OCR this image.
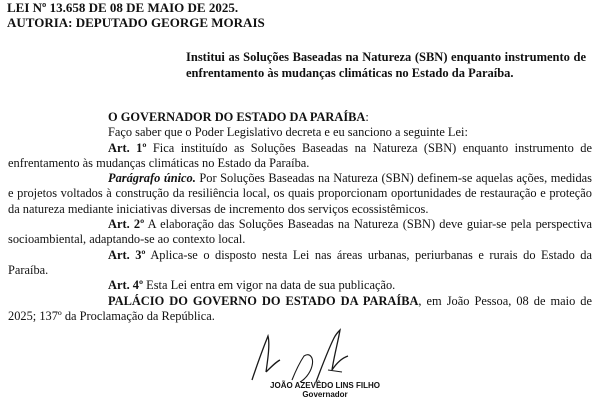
LEI Nº 13.658 DE 08 DE MAIO DE 2025.
AUTORIA: DEPUTADO GEORGE MORAIS
Institui as Soluções Baseadas na Natureza (SBN) enquanto instrumento de enfrentamento às mudanças climáticas no Estado da Paraíba.

O GOVERNADOR DO ESTADO DA PARAÍBA:

Faço saber que o Poder Legislativo decreta e eu sanciono a seguinte Lei:

Art. 1º Fica instituído as Soluções Baseadas na Natureza (SBN) enquanto instrumento de enfrentamento às mudanças climáticas no Estado da Paraíba.

Parágrafo único. Por Soluções Baseadas na Natureza (SBN) definem-se aquelas ações, medidas e projetos voltados à construção da resiliência local, os quais proporcionam oportunidades de restauração e proteção da natureza mediante iniciativas diversas de incremento dos serviços ecossistêmicos.

Art. 2º A elaboração das Soluções Baseadas na Natureza (SBN) deve guiar-se pela perspectiva socioambiental, adaptando-se ao contexto local.

Art. 3º Aplica-se o disposto nesta Lei nas áreas urbanas, periurbanas e rurais do Estado da Paraíba.

Art. 4º Esta Lei entra em vigor na data de sua publicação.

PALÁCIO DO GOVERNO DO ESTADO DA PARAÍBA, em João Pessoa, 08 de maio de 2025; 137º da Proclamação da República.

JOÃO AZEVÊDO LINS FILHO
Governador
